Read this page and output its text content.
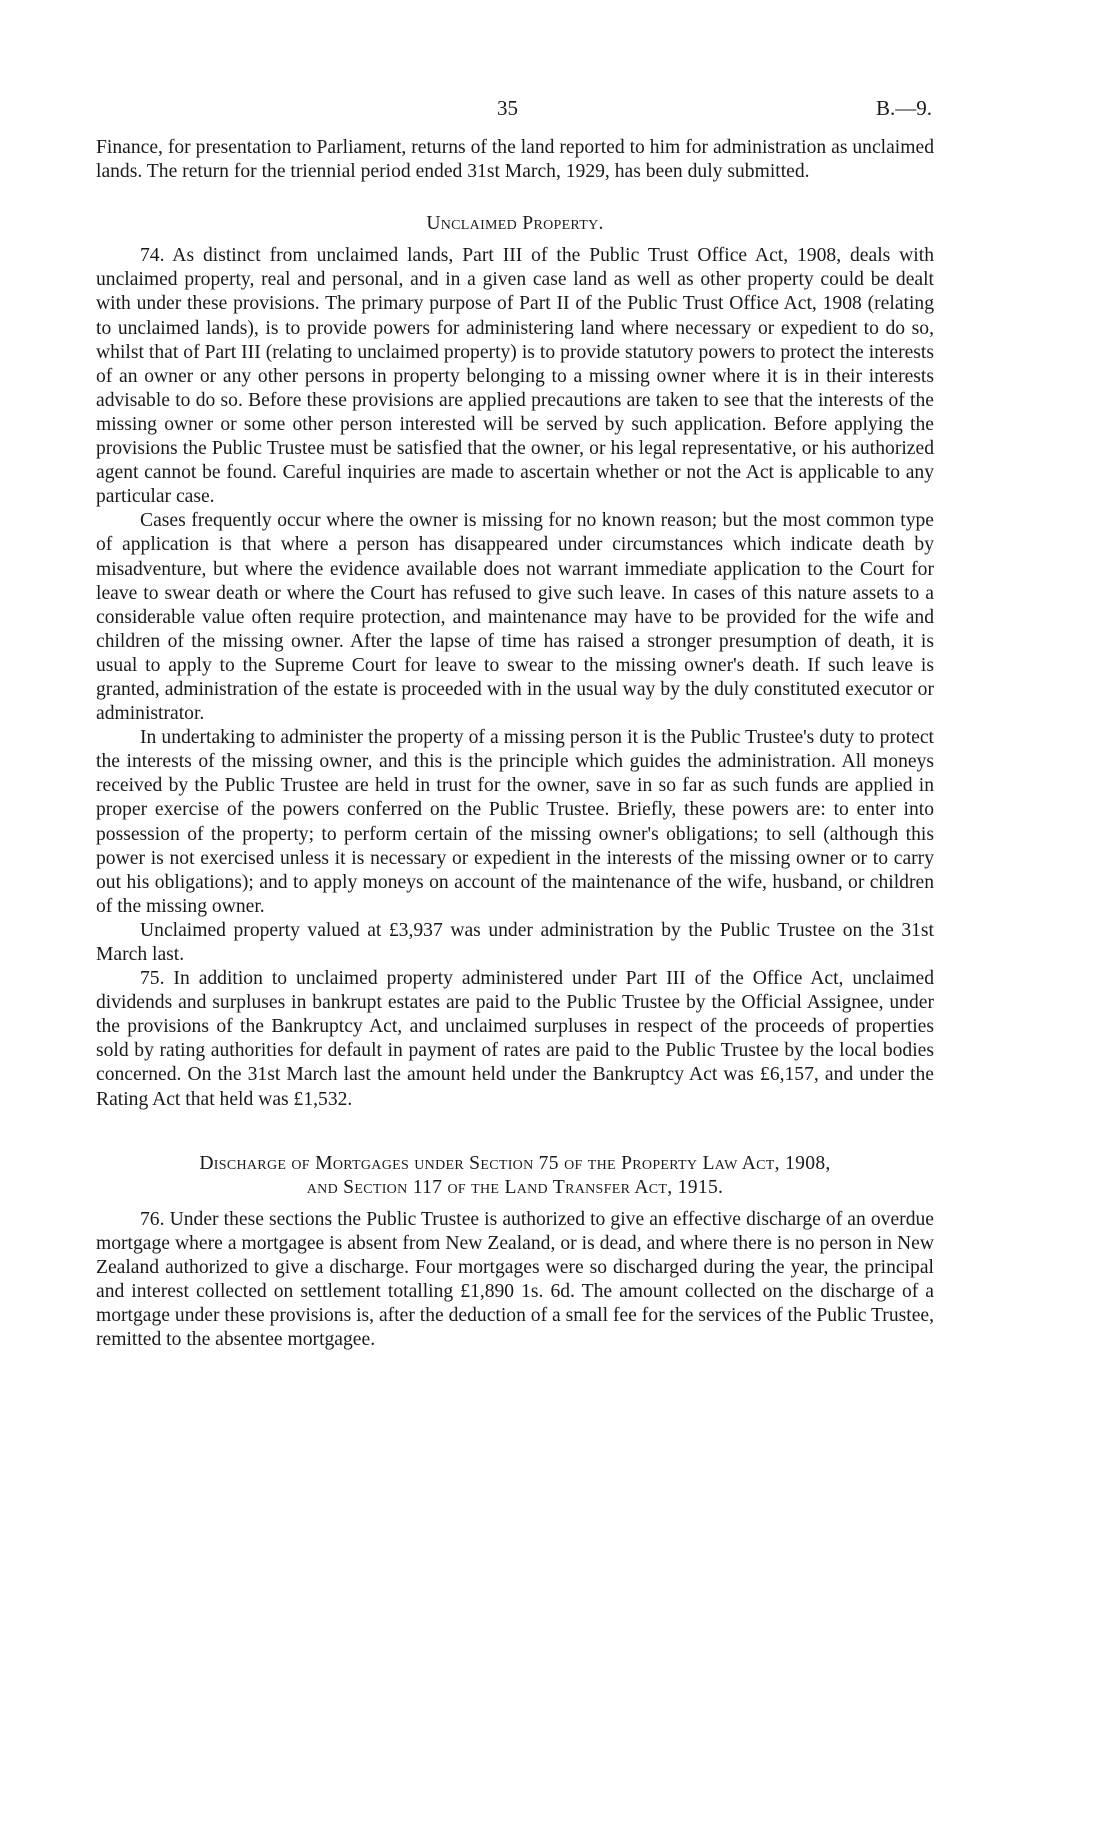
35	B.—9.

Finance, for presentation to Parliament, returns of the land reported to him for administration as unclaimed lands. The return for the triennial period ended 31st March, 1929, has been duly submitted.

Unclaimed Property.

74. As distinct from unclaimed lands, Part III of the Public Trust Office Act, 1908, deals with unclaimed property, real and personal, and in a given case land as well as other property could be dealt with under these provisions. The primary purpose of Part II of the Public Trust Office Act, 1908 (relating to unclaimed lands), is to provide powers for administering land where necessary or expedient to do so, whilst that of Part III (relating to unclaimed property) is to provide statutory powers to protect the interests of an owner or any other persons in property belonging to a missing owner where it is in their interests advisable to do so. Before these provisions are applied precautions are taken to see that the interests of the missing owner or some other person interested will be served by such application. Before applying the provisions the Public Trustee must be satisfied that the owner, or his legal representative, or his authorized agent cannot be found. Careful inquiries are made to ascertain whether or not the Act is applicable to any particular case.

Cases frequently occur where the owner is missing for no known reason; but the most common type of application is that where a person has disappeared under circumstances which indicate death by misadventure, but where the evidence available does not warrant immediate application to the Court for leave to swear death or where the Court has refused to give such leave. In cases of this nature assets to a considerable value often require protection, and maintenance may have to be provided for the wife and children of the missing owner. After the lapse of time has raised a stronger presumption of death, it is usual to apply to the Supreme Court for leave to swear to the missing owner's death. If such leave is granted, administration of the estate is proceeded with in the usual way by the duly constituted executor or administrator.

In undertaking to administer the property of a missing person it is the Public Trustee's duty to protect the interests of the missing owner, and this is the principle which guides the administration. All moneys received by the Public Trustee are held in trust for the owner, save in so far as such funds are applied in proper exercise of the powers conferred on the Public Trustee. Briefly, these powers are: to enter into possession of the property; to perform certain of the missing owner's obligations; to sell (although this power is not exercised unless it is necessary or expedient in the interests of the missing owner or to carry out his obligations); and to apply moneys on account of the maintenance of the wife, husband, or children of the missing owner.

Unclaimed property valued at £3,937 was under administration by the Public Trustee on the 31st March last.

75. In addition to unclaimed property administered under Part III of the Office Act, unclaimed dividends and surpluses in bankrupt estates are paid to the Public Trustee by the Official Assignee, under the provisions of the Bankruptcy Act, and unclaimed surpluses in respect of the proceeds of properties sold by rating authorities for default in payment of rates are paid to the Public Trustee by the local bodies concerned. On the 31st March last the amount held under the Bankruptcy Act was £6,157, and under the Rating Act that held was £1,532.

Discharge of Mortgages under Section 75 of the Property Law Act, 1908,
and Section 117 of the Land Transfer Act, 1915.

76. Under these sections the Public Trustee is authorized to give an effective discharge of an overdue mortgage where a mortgagee is absent from New Zealand, or is dead, and where there is no person in New Zealand authorized to give a discharge. Four mortgages were so discharged during the year, the principal and interest collected on settlement totalling £1,890 1s. 6d. The amount collected on the discharge of a mortgage under these provisions is, after the deduction of a small fee for the services of the Public Trustee, remitted to the absentee mortgagee.
